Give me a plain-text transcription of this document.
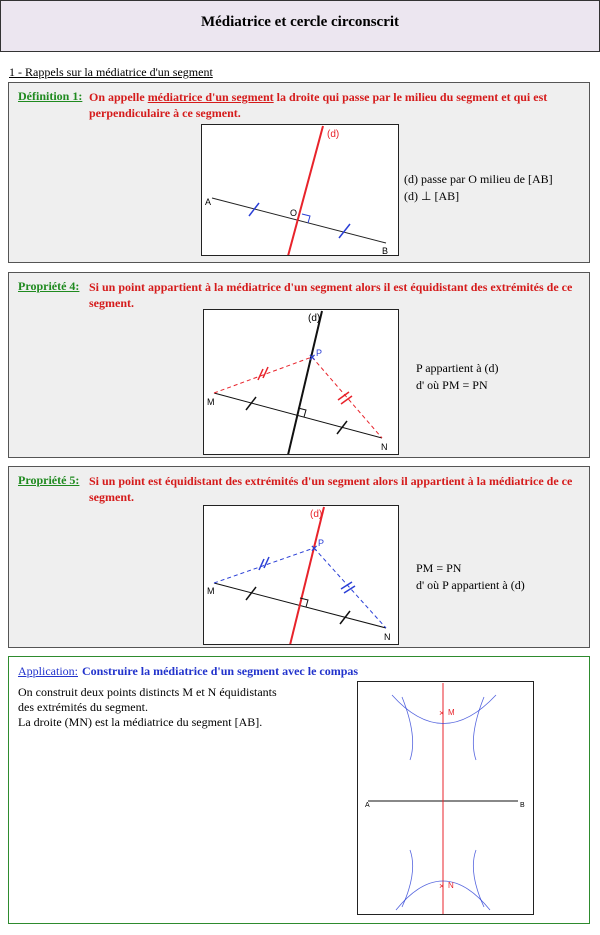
Médiatrice et cercle circonscrit
1 - Rappels sur la médiatrice d'un segment
Définition 1: On appelle médiatrice d'un segment la droite qui passe par le milieu du segment et qui est perpendiculaire à ce segment.
(d)
A
B
O
(d) passe par O milieu de [AB]
(d) ⊥ [AB]
Propriété 4: Si un point appartient à la médiatrice d'un segment alors il est équidistant des extrémités de ce segment.
×
(d)
P
M
N
P appartient à (d)
d' où PM = PN
Propriété 5: Si un point est équidistant des extrémités d'un segment alors il appartient à la médiatrice de ce segment.
×
(d)
P
M
N
PM = PN
d' où P appartient à (d)
Application: Construire la médiatrice d'un segment avec le compas
On construit deux points distincts M et N équidistants
des extrémités du segment.
La droite (MN) est la médiatrice du segment [AB].
×
×
M
N
A	B
